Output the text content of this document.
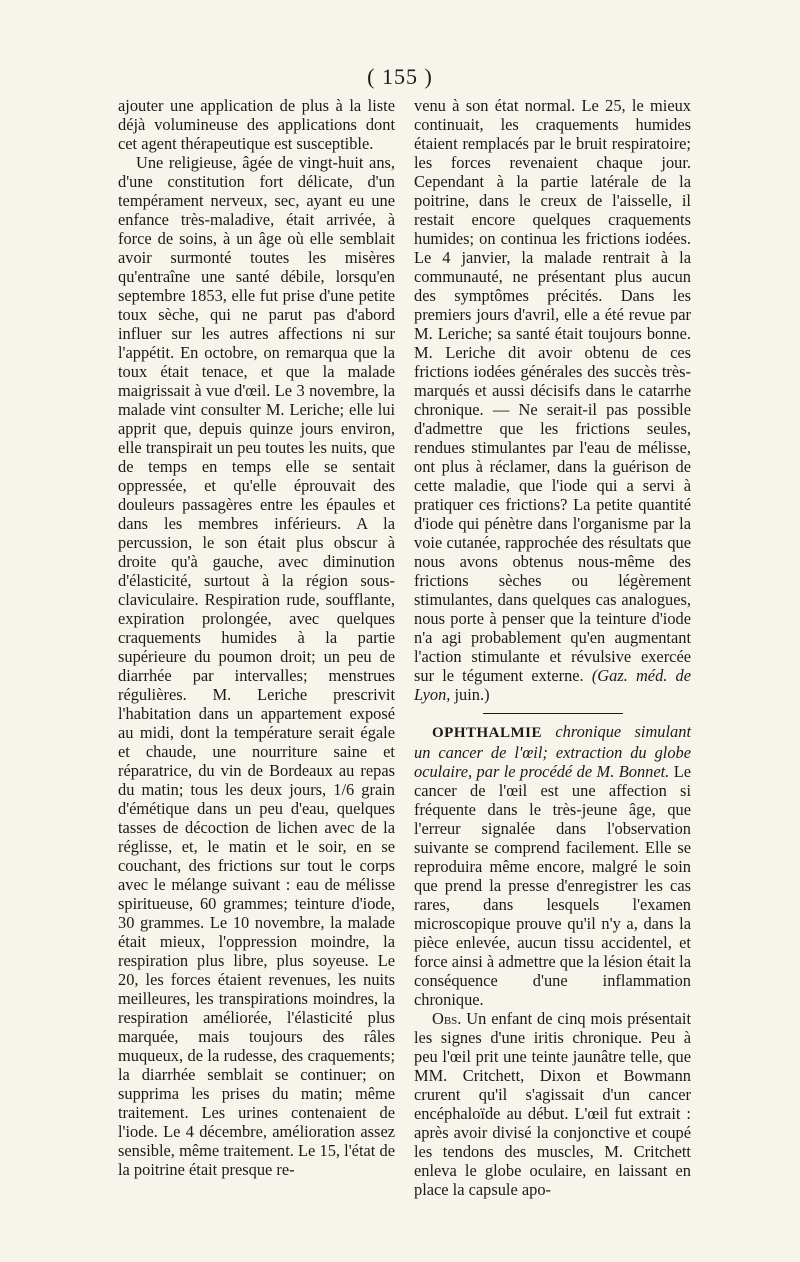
( 155 )

ajouter une application de plus à la liste déjà volumineuse des applications dont cet agent thérapeutique est susceptible.

Une religieuse, âgée de vingt-huit ans, d'une constitution fort délicate, d'un tempérament nerveux, sec, ayant eu une enfance très-maladive, était arrivée, à force de soins, à un âge où elle semblait avoir surmonté toutes les misères qu'entraîne une santé débile, lorsqu'en septembre 1853, elle fut prise d'une petite toux sèche, qui ne parut pas d'abord influer sur les autres affections ni sur l'appétit. En octobre, on remarqua que la toux était tenace, et que la malade maigrissait à vue d'œil. Le 3 novembre, la malade vint consulter M. Leriche; elle lui apprit que, depuis quinze jours environ, elle transpirait un peu toutes les nuits, que de temps en temps elle se sentait oppressée, et qu'elle éprouvait des douleurs passagères entre les épaules et dans les membres inférieurs. A la percussion, le son était plus obscur à droite qu'à gauche, avec diminution d'élasticité, surtout à la région sous-claviculaire. Respiration rude, soufflante, expiration prolongée, avec quelques craquements humides à la partie supérieure du poumon droit; un peu de diarrhée par intervalles; menstrues régulières. M. Leriche prescrivit l'habitation dans un appartement exposé au midi, dont la température serait égale et chaude, une nourriture saine et réparatrice, du vin de Bordeaux au repas du matin; tous les deux jours, 1/6 grain d'émétique dans un peu d'eau, quelques tasses de décoction de lichen avec de la réglisse, et, le matin et le soir, en se couchant, des frictions sur tout le corps avec le mélange suivant : eau de mélisse spiritueuse, 60 grammes; teinture d'iode, 30 grammes. Le 10 novembre, la malade était mieux, l'oppression moindre, la respiration plus libre, plus soyeuse. Le 20, les forces étaient revenues, les nuits meilleures, les transpirations moindres, la respiration améliorée, l'élasticité plus marquée, mais toujours des râles muqueux, de la rudesse, des craquements; la diarrhée semblait se continuer; on supprima les prises du matin; même traitement. Les urines contenaient de l'iode. Le 4 décembre, amélioration assez sensible, même traitement. Le 15, l'état de la poitrine était presque re-

venu à son état normal. Le 25, le mieux continuait, les craquements humides étaient remplacés par le bruit respiratoire; les forces revenaient chaque jour. Cependant à la partie latérale de la poitrine, dans le creux de l'aisselle, il restait encore quelques craquements humides; on continua les frictions iodées. Le 4 janvier, la malade rentrait à la communauté, ne présentant plus aucun des symptômes précités. Dans les premiers jours d'avril, elle a été revue par M. Leriche; sa santé était toujours bonne. M. Leriche dit avoir obtenu de ces frictions iodées générales des succès très-marqués et aussi décisifs dans le catarrhe chronique. — Ne serait-il pas possible d'admettre que les frictions seules, rendues stimulantes par l'eau de mélisse, ont plus à réclamer, dans la guérison de cette maladie, que l'iode qui a servi à pratiquer ces frictions? La petite quantité d'iode qui pénètre dans l'organisme par la voie cutanée, rapprochée des résultats que nous avons obtenus nous-même des frictions sèches ou légèrement stimulantes, dans quelques cas analogues, nous porte à penser que la teinture d'iode n'a agi probablement qu'en augmentant l'action stimulante et révulsive exercée sur le tégument externe. (Gaz. méd. de Lyon, juin.)

OPHTHALMIE chronique simulant un cancer de l'œil; extraction du globe oculaire, par le procédé de M. Bonnet. Le cancer de l'œil est une affection si fréquente dans le très-jeune âge, que l'erreur signalée dans l'observation suivante se comprend facilement. Elle se reproduira même encore, malgré le soin que prend la presse d'enregistrer les cas rares, dans lesquels l'examen microscopique prouve qu'il n'y a, dans la pièce enlevée, aucun tissu accidentel, et force ainsi à admettre que la lésion était la conséquence d'une inflammation chronique.

Obs. Un enfant de cinq mois présentait les signes d'une iritis chronique. Peu à peu l'œil prit une teinte jaunâtre telle, que MM. Critchett, Dixon et Bowmann crurent qu'il s'agissait d'un cancer encéphaloïde au début. L'œil fut extrait : après avoir divisé la conjonctive et coupé les tendons des muscles, M. Critchett enleva le globe oculaire, en laissant en place la capsule apo-
